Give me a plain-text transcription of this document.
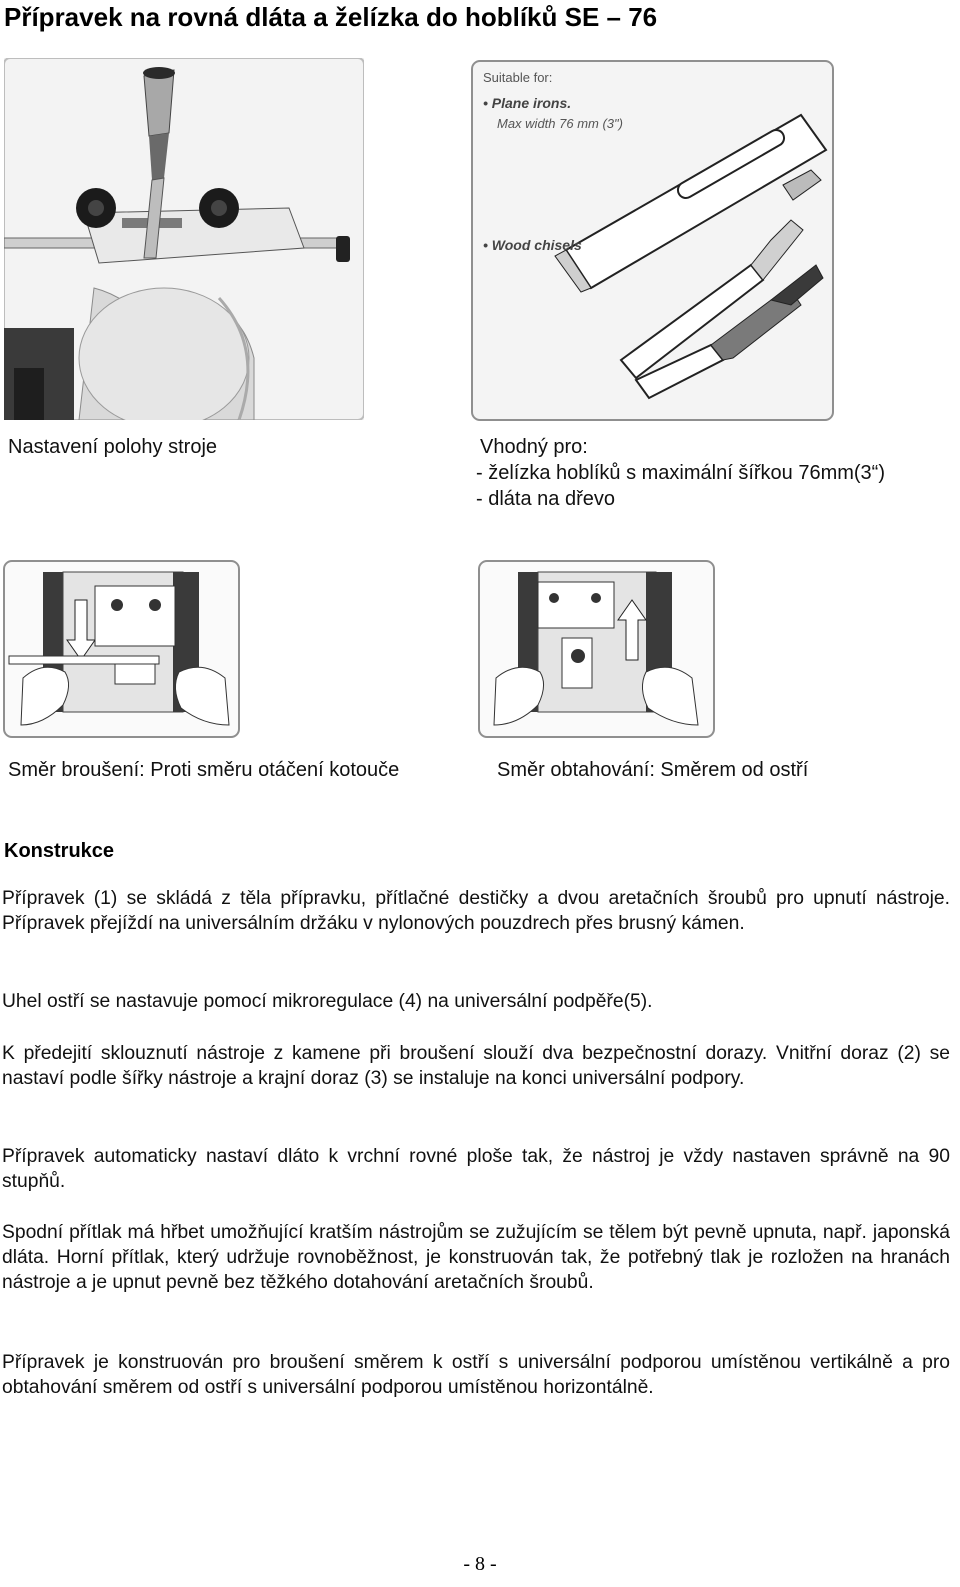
Přípravek na rovná dláta a želízka do hoblíků SE – 76
Suitable for:
• Plane irons.
Max width 76 mm (3")
• Wood chisels
Nastavení polohy stroje	Vhodný pro:
- želízka hoblíků s maximální šířkou 76mm(3“)
- dláta na dřevo
Směr broušení: Proti směru otáčení kotouče	Směr obtahování: Směrem od ostří
Konstrukce

Přípravek (1) se skládá z těla přípravku, přítlačné destičky a dvou aretačních šroubů pro upnutí nástroje. Přípravek přejíždí na universálním držáku v nylonových pouzdrech přes brusný kámen.

Uhel ostří se nastavuje pomocí mikroregulace (4) na universální podpěře(5).

K předejití sklouznutí nástroje z kamene při broušení slouží dva bezpečnostní dorazy. Vnitřní doraz (2) se nastaví podle šířky nástroje a krajní doraz (3) se instaluje na konci universální podpory.

Přípravek automaticky nastaví dláto k vrchní rovné ploše tak, že nástroj je vždy nastaven správně na 90 stupňů.

Spodní přítlak má hřbet umožňující kratším nástrojům se zužujícím se tělem být pevně upnuta, např. japonská dláta. Horní přítlak, který udržuje rovnoběžnost, je konstruován tak, že potřebný tlak je rozložen na hranách nástroje a je upnut pevně bez těžkého dotahování aretačních šroubů.

Přípravek je konstruován pro broušení směrem k ostří s universální podporou umístěnou vertikálně a pro obtahování směrem od ostří s universální podporou umístěnou horizontálně.

- 8 -
